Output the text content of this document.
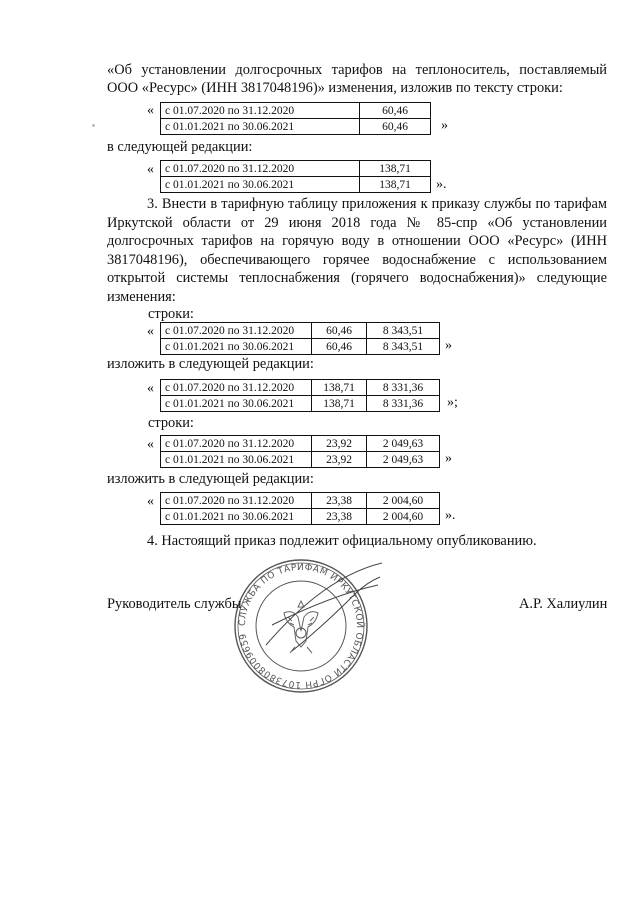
«Об установлении долгосрочных тарифов на теплоноситель, поставляемый

ООО «Ресурс» (ИНН 3817048196)» изменения, изложив по тексту строки:

« с 01.07.2020 по 31.12.2020	60,46
с 01.01.2021 по 30.06.2021	60,46 »

в следующей редакции:

« с 01.07.2020 по 31.12.2020	138,71
с 01.01.2021 по 30.06.2021	138,71 ».

3. Внести в тарифную таблицу приложения к приказу службы по тарифам Иркутской области от 29 июня 2018 года № 85-спр «Об установлении долгосрочных тарифов на горячую воду в отношении ООО «Ресурс» (ИНН 3817048196), обеспечивающего горячее водоснабжение с использованием открытой системы теплоснабжения (горячего водоснабжения)» следующие изменения:

строки:

« с 01.07.2020 по 31.12.2020	60,46	8 343,51
с 01.01.2021 по 30.06.2021	60,46	8 343,51 »

изложить в следующей редакции:

« с 01.07.2020 по 31.12.2020	138,71	8 331,36
с 01.01.2021 по 30.06.2021	138,71	8 331,36 »;

строки:

« с 01.07.2020 по 31.12.2020	23,92	2 049,63
с 01.01.2021 по 30.06.2021	23,92	2 049,63 »

изложить в следующей редакции:

« с 01.07.2020 по 31.12.2020	23,38	2 004,60
с 01.01.2021 по 30.06.2021	23,38	2 004,60 ».

4. Настоящий приказ подлежит официальному опубликованию.

СЛУЖБА ПО ТАРИФАМ ИРКУТСКОЙ ОБЛАСТИ ОГРН 1073808009659
Руководитель службы	А.Р. Халиулин
